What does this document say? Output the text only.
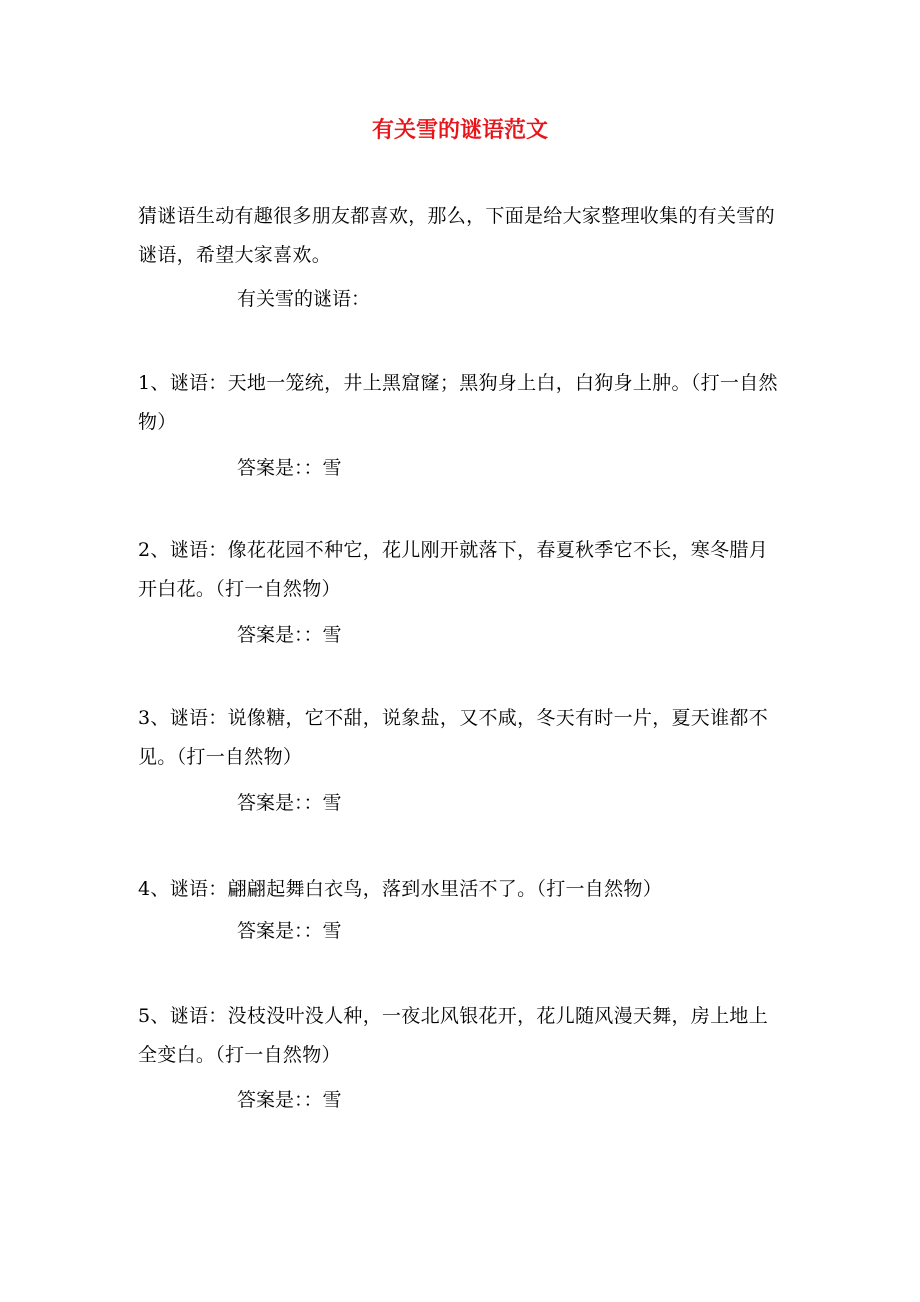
有关雪的谜语范文

猜谜语生动有趣很多朋友都喜欢，那么，下面是给大家整理收集的有关雪的谜语，希望大家喜欢。

有关雪的谜语：

1、谜语：天地一笼统，井上黑窟窿；黑狗身上白，白狗身上肿。（打一自然物）

答案是：：雪

2、谜语：像花花园不种它，花儿刚开就落下，春夏秋季它不长，寒冬腊月开白花。（打一自然物）

答案是：：雪

3、谜语：说像糖，它不甜，说象盐，又不咸，冬天有时一片，夏天谁都不见。（打一自然物）

答案是：：雪

4、谜语：翩翩起舞白衣鸟，落到水里活不了。（打一自然物）

答案是：：雪

5、谜语：没枝没叶没人种，一夜北风银花开，花儿随风漫天舞，房上地上全变白。（打一自然物）

答案是：：雪
